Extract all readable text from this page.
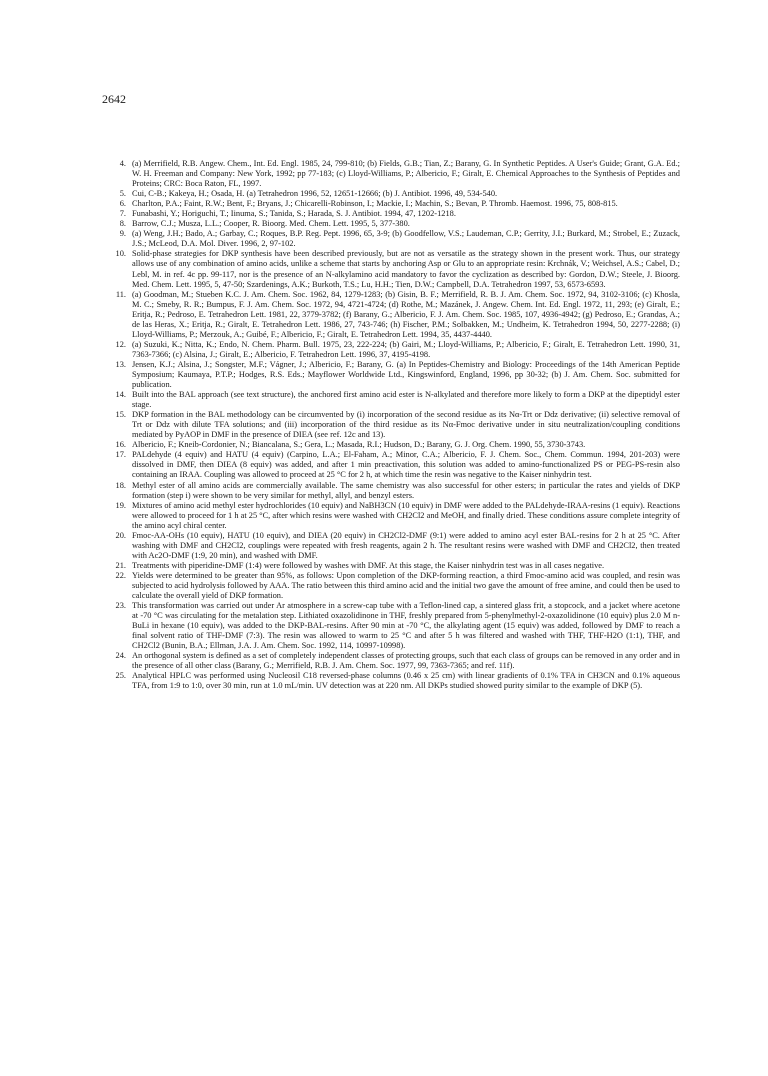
2642
4. (a) Merrifield, R.B. Angew. Chem., Int. Ed. Engl. 1985, 24, 799-810; (b) Fields, G.B.; Tian, Z.; Barany, G. In Synthetic Peptides. A User's Guide; Grant, G.A. Ed.; W. H. Freeman and Company: New York, 1992; pp 77-183; (c) Lloyd-Williams, P.; Albericio, F.; Giralt, E. Chemical Approaches to the Synthesis of Peptides and Proteins; CRC: Boca Raton, FL, 1997.
5. Cui, C-B.; Kakeya, H.; Osada, H. (a) Tetrahedron 1996, 52, 12651-12666; (b) J. Antibiot. 1996, 49, 534-540.
6. Charlton, P.A.; Faint, R.W.; Bent, F.; Bryans, J.; Chicarelli-Robinson, I.; Mackie, I.; Machin, S.; Bevan, P. Thromb. Haemost. 1996, 75, 808-815.
7. Funabashi, Y.; Horiguchi, T.; Iinuma, S.; Tanida, S.; Harada, S. J. Antibiot. 1994, 47, 1202-1218.
8. Barrow, C.J.; Musza, L.L.; Cooper, R. Bioorg. Med. Chem. Lett. 1995, 5, 377-380.
9. (a) Weng, J.H.; Bado, A.; Garbay, C.; Roques, B.P. Reg. Pept. 1996, 65, 3-9; (b) Goodfellow, V.S.; Laudeman, C.P.; Gerrity, J.I.; Burkard, M.; Strobel, E.; Zuzack, J.S.; McLeod, D.A. Mol. Diver. 1996, 2, 97-102.
10. Solid-phase strategies for DKP synthesis have been described previously, but are not as versatile as the strategy shown in the present work. Thus, our strategy allows use of any combination of amino acids, unlike a scheme that starts by anchoring Asp or Glu to an appropriate resin: Krchnák, V.; Weichsel, A.S.; Cabel, D.; Lebl, M. in ref. 4c pp. 99-117, nor is the presence of an N-alkylamino acid mandatory to favor the cyclization as described by: Gordon, D.W.; Steele, J. Bioorg. Med. Chem. Lett. 1995, 5, 47-50; Szardenings, A.K.; Burkoth, T.S.; Lu, H.H.; Tien, D.W.; Campbell, D.A. Tetrahedron 1997, 53, 6573-6593.
11. (a) Goodman, M.; Stueben K.C. J. Am. Chem. Soc. 1962, 84, 1279-1283; (b) Gisin, B. F.; Merrifield, R. B. J. Am. Chem. Soc. 1972, 94, 3102-3106; (c) Khosla, M. C.; Smeby, R. R.; Bumpus, F. J. Am. Chem. Soc. 1972, 94, 4721-4724; (d) Rothe, M.; Mazánek, J. Angew. Chem. Int. Ed. Engl. 1972, 11, 293; (e) Giralt, E.; Eritja, R.; Pedroso, E. Tetrahedron Lett. 1981, 22, 3779-3782; (f) Barany, G.; Albericio, F. J. Am. Chem. Soc. 1985, 107, 4936-4942; (g) Pedroso, E.; Grandas, A.; de las Heras, X.; Eritja, R.; Giralt, E. Tetrahedron Lett. 1986, 27, 743-746; (h) Fischer, P.M.; Solbakken, M.; Undheim, K. Tetrahedron 1994, 50, 2277-2288; (i) Lloyd-Williams, P.; Merzouk, A.; Guibé, F.; Albericio, F.; Giralt, E. Tetrahedron Lett. 1994, 35, 4437-4440.
12. (a) Suzuki, K.; Nitta, K.; Endo, N. Chem. Pharm. Bull. 1975, 23, 222-224; (b) Gairi, M.; Lloyd-Williams, P.; Albericio, F.; Giralt, E. Tetrahedron Lett. 1990, 31, 7363-7366; (c) Alsina, J.; Giralt, E.; Albericio, F. Tetrahedron Lett. 1996, 37, 4195-4198.
13. Jensen, K.J.; Alsina, J.; Songster, M.F.; Vágner, J.; Albericio, F.; Barany, G. (a) In Peptides-Chemistry and Biology: Proceedings of the 14th American Peptide Symposium; Kaumaya, P.T.P.; Hodges, R.S. Eds.; Mayflower Worldwide Ltd., Kingswinford, England, 1996, pp 30-32; (b) J. Am. Chem. Soc. submitted for publication.
14. Built into the BAL approach (see text structure), the anchored first amino acid ester is N-alkylated and therefore more likely to form a DKP at the dipeptidyl ester stage.
15. DKP formation in the BAL methodology can be circumvented by (i) incorporation of the second residue as its Nα-Trt or Ddz derivative; (ii) selective removal of Trt or Ddz with dilute TFA solutions; and (iii) incorporation of the third residue as its Nα-Fmoc derivative under in situ neutralization/coupling conditions mediated by PyAOP in DMF in the presence of DIEA (see ref. 12c and 13).
16. Albericio, F.; Kneib-Cordonier, N.; Biancalana, S.; Gera, L.; Masada, R.I.; Hudson, D.; Barany, G. J. Org. Chem. 1990, 55, 3730-3743.
17. PALdehyde (4 equiv) and HATU (4 equiv) (Carpino, L.A.; El-Faham, A.; Minor, C.A.; Albericio, F. J. Chem. Soc., Chem. Commun. 1994, 201-203) were dissolved in DMF, then DIEA (8 equiv) was added, and after 1 min preactivation, this solution was added to amino-functionalized PS or PEG-PS-resin also containing an IRAA. Coupling was allowed to proceed at 25 °C for 2 h, at which time the resin was negative to the Kaiser ninhydrin test.
18. Methyl ester of all amino acids are commercially available. The same chemistry was also successful for other esters; in particular the rates and yields of DKP formation (step i) were shown to be very similar for methyl, allyl, and benzyl esters.
19. Mixtures of amino acid methyl ester hydrochlorides (10 equiv) and NaBH3CN (10 equiv) in DMF were added to the PALdehyde-IRAA-resins (1 equiv). Reactions were allowed to proceed for 1 h at 25 °C, after which resins were washed with CH2Cl2 and MeOH, and finally dried. These conditions assure complete integrity of the amino acyl chiral center.
20. Fmoc-AA-OHs (10 equiv), HATU (10 equiv), and DIEA (20 equiv) in CH2Cl2-DMF (9:1) were added to amino acyl ester BAL-resins for 2 h at 25 °C. After washing with DMF and CH2Cl2, couplings were repeated with fresh reagents, again 2 h. The resultant resins were washed with DMF and CH2Cl2, then treated with Ac2O-DMF (1:9, 20 min), and washed with DMF.
21. Treatments with piperidine-DMF (1:4) were followed by washes with DMF. At this stage, the Kaiser ninhydrin test was in all cases negative.
22. Yields were determined to be greater than 95%, as follows: Upon completion of the DKP-forming reaction, a third Fmoc-amino acid was coupled, and resin was subjected to acid hydrolysis followed by AAA. The ratio between this third amino acid and the initial two gave the amount of free amine, and could then be used to calculate the overall yield of DKP formation.
23. This transformation was carried out under Ar atmosphere in a screw-cap tube with a Teflon-lined cap, a sintered glass frit, a stopcock, and a jacket where acetone at -70 °C was circulating for the metalation step. Lithiated oxazolidinone in THF, freshly prepared from 5-phenylmethyl-2-oxazolidinone (10 equiv) plus 2.0 M n-BuLi in hexane (10 equiv), was added to the DKP-BAL-resins. After 90 min at -70 °C, the alkylating agent (15 equiv) was added, followed by DMF to reach a final solvent ratio of THF-DMF (7:3). The resin was allowed to warm to 25 °C and after 5 h was filtered and washed with THF, THF-H2O (1:1), THF, and CH2Cl2 (Bunin, B.A.; Ellman, J.A. J. Am. Chem. Soc. 1992, 114, 10997-10998).
24. An orthogonal system is defined as a set of completely independent classes of protecting groups, such that each class of groups can be removed in any order and in the presence of all other class (Barany, G.; Merrifield, R.B. J. Am. Chem. Soc. 1977, 99, 7363-7365; and ref. 11f).
25. Analytical HPLC was performed using Nucleosil C18 reversed-phase columns (0.46 x 25 cm) with linear gradients of 0.1% TFA in CH3CN and 0.1% aqueous TFA, from 1:9 to 1:0, over 30 min, run at 1.0 mL/min. UV detection was at 220 nm. All DKPs studied showed purity similar to the example of DKP (5).
